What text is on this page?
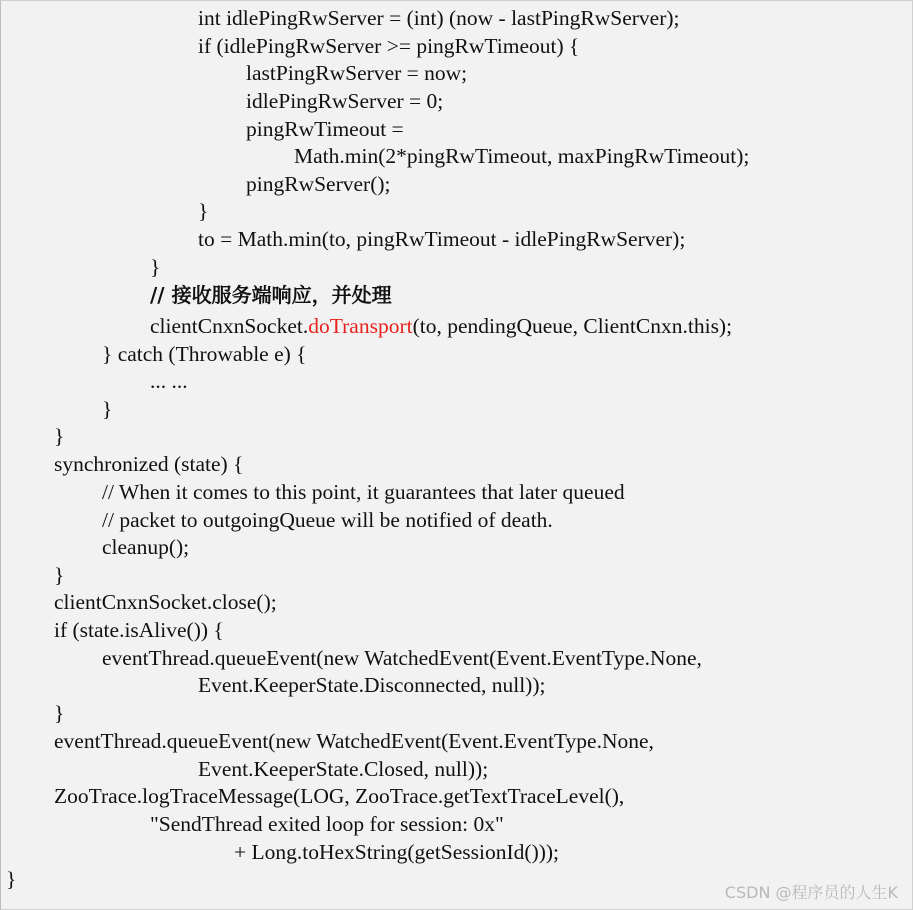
int idlePingRwServer = (int) (now - lastPingRwServer);
if (idlePingRwServer >= pingRwTimeout) {
lastPingRwServer = now;
idlePingRwServer = 0;
pingRwTimeout =
Math.min(2*pingRwTimeout, maxPingRwTimeout);
pingRwServer();
}
to = Math.min(to, pingRwTimeout - idlePingRwServer);
}
// 接收服务端响应，并处理
clientCnxnSocket.doTransport(to, pendingQueue, ClientCnxn.this);
} catch (Throwable e) {
... ...
}
}
synchronized (state) {
// When it comes to this point, it guarantees that later queued
// packet to outgoingQueue will be notified of death.
cleanup();
}
clientCnxnSocket.close();
if (state.isAlive()) {
eventThread.queueEvent(new WatchedEvent(Event.EventType.None,
Event.KeeperState.Disconnected, null));
}
eventThread.queueEvent(new WatchedEvent(Event.EventType.None,
Event.KeeperState.Closed, null));
ZooTrace.logTraceMessage(LOG, ZooTrace.getTextTraceLevel(),
"SendThread exited loop for session: 0x"
+ Long.toHexString(getSessionId()));
}
CSDN @程序员的人生K
